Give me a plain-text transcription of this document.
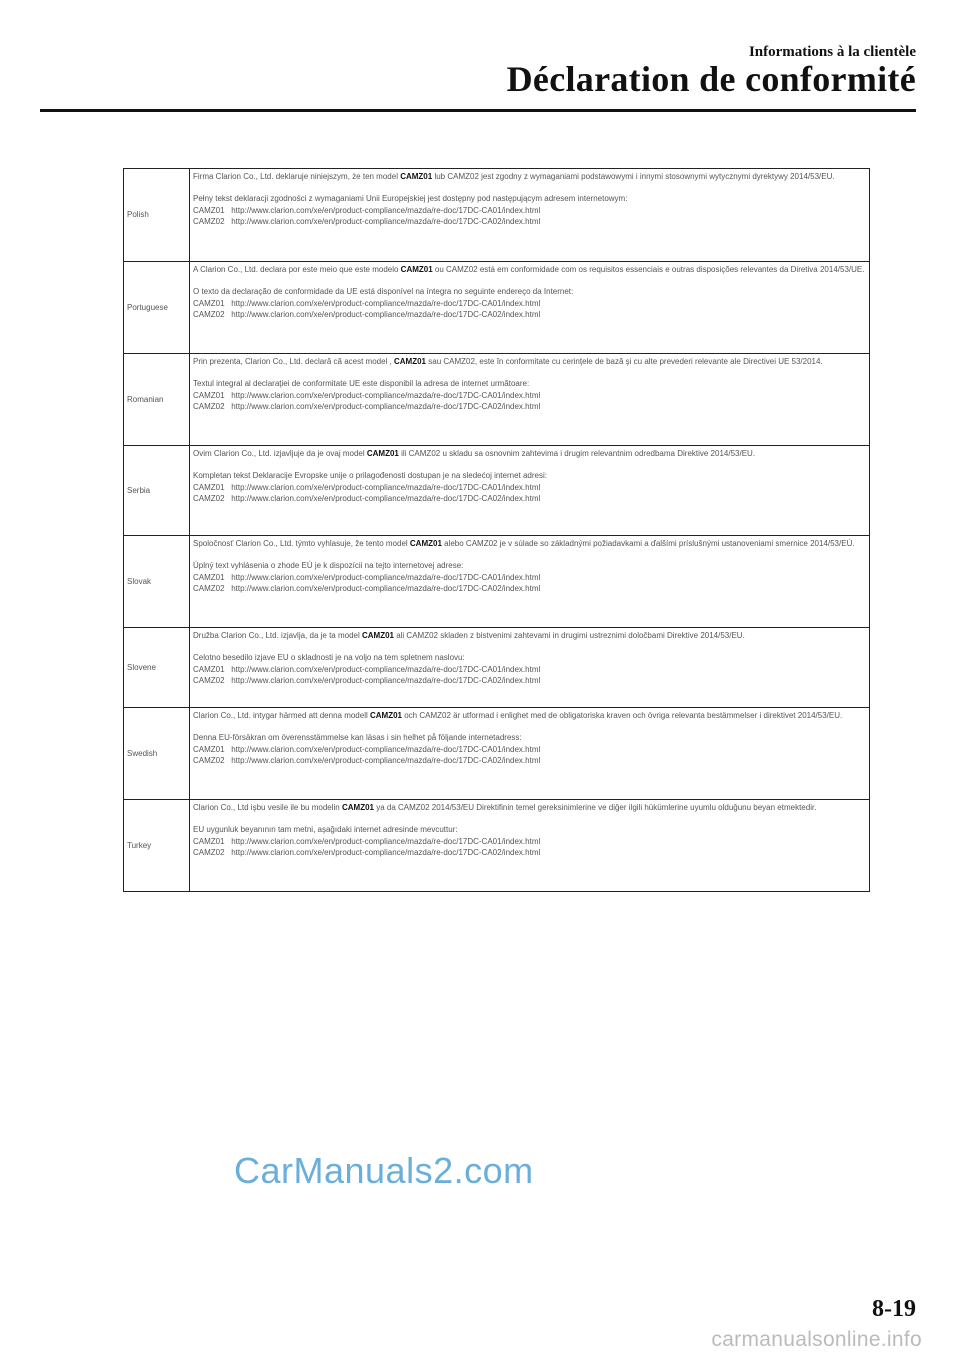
Informations à la clientèle
Déclaration de conformité
Polish	Firma Clarion Co., Ltd. deklaruje niniejszym, że ten model CAMZ01 lub CAMZ02 jest zgodny z wymaganiami podstawowymi i innymi stosownymi wytycznymi dyrektywy 2014/53/EU.

Pełny tekst deklaracji zgodności z wymaganiami Unii Europejskiej jest dostępny pod następującym adresem internetowym:

CAMZ01   http://www.clarion.com/xe/en/product-compliance/mazda/re-doc/17DC-CA01/index.html

CAMZ02   http://www.clarion.com/xe/en/product-compliance/mazda/re-doc/17DC-CA02/index.html

Portuguese	A Clarion Co., Ltd. declara por este meio que este modelo CAMZ01 ou CAMZ02 está em conformidade com os requisitos essenciais e outras disposições relevantes da Diretiva 2014/53/UE.

O texto da declaração de conformidade da UE está disponível na íntegra no seguinte endereço da Internet:

CAMZ01   http://www.clarion.com/xe/en/product-compliance/mazda/re-doc/17DC-CA01/index.html

CAMZ02   http://www.clarion.com/xe/en/product-compliance/mazda/re-doc/17DC-CA02/index.html

Romanian	Prin prezenta, Clarion Co., Ltd. declară că acest model , CAMZ01 sau CAMZ02, este în conformitate cu cerinţele de bază şi cu alte prevederi relevante ale Directivei UE 53/2014.

Textul integral al declaraţiei de conformitate UE este disponibil la adresa de internet următoare:

CAMZ01   http://www.clarion.com/xe/en/product-compliance/mazda/re-doc/17DC-CA01/index.html

CAMZ02   http://www.clarion.com/xe/en/product-compliance/mazda/re-doc/17DC-CA02/index.html

Serbia	Ovim Clarion Co., Ltd. izjavljuje da je ovaj model CAMZ01 ili CAMZ02 u skladu sa osnovnim zahtevima i drugim relevantnim odredbama Direktive 2014/53/EU.

Kompletan tekst Deklaracije Evropske unije o prilagođenosti dostupan je na sledećoj internet adresi:

CAMZ01   http://www.clarion.com/xe/en/product-compliance/mazda/re-doc/17DC-CA01/index.html

CAMZ02   http://www.clarion.com/xe/en/product-compliance/mazda/re-doc/17DC-CA02/index.html

Slovak	Spoločnosť Clarion Co., Ltd. týmto vyhlasuje, že tento model CAMZ01 alebo CAMZ02 je v súlade so základnými požiadavkami a ďalšími príslušnými ustanoveniami smernice 2014/53/EÚ.

Úplný text vyhlásenia o zhode EÚ je k dispozícii na tejto internetovej adrese:

CAMZ01   http://www.clarion.com/xe/en/product-compliance/mazda/re-doc/17DC-CA01/index.html

CAMZ02   http://www.clarion.com/xe/en/product-compliance/mazda/re-doc/17DC-CA02/index.html

Slovene	Družba Clarion Co., Ltd. izjavlja, da je ta model CAMZ01 ali CAMZ02 skladen z bistvenimi zahtevami in drugimi ustreznimi določbami Direktive 2014/53/EU.

Celotno besedilo izjave EU o skladnosti je na voljo na tem spletnem naslovu:

CAMZ01   http://www.clarion.com/xe/en/product-compliance/mazda/re-doc/17DC-CA01/index.html

CAMZ02   http://www.clarion.com/xe/en/product-compliance/mazda/re-doc/17DC-CA02/index.html

Swedish	Clarion Co., Ltd. intygar härmed att denna modell CAMZ01 och CAMZ02 är utformad i enlighet med de obligatoriska kraven och övriga relevanta bestämmelser i direktivet 2014/53/EU.

Denna EU-försäkran om överensstämmelse kan läsas i sin helhet på följande internetadress:

CAMZ01   http://www.clarion.com/xe/en/product-compliance/mazda/re-doc/17DC-CA01/index.html

CAMZ02   http://www.clarion.com/xe/en/product-compliance/mazda/re-doc/17DC-CA02/index.html

Turkey	Clarion Co., Ltd işbu vesile ile bu modelin CAMZ01 ya da CAMZ02 2014/53/EU Direktifinin temel gereksinimlerine ve diğer ilgili hükümlerine uyumlu olduğunu beyan etmektedir.

EU uygunluk beyanının tam metni, aşağıdaki internet adresinde mevcuttur:

CAMZ01   http://www.clarion.com/xe/en/product-compliance/mazda/re-doc/17DC-CA01/index.html

CAMZ02   http://www.clarion.com/xe/en/product-compliance/mazda/re-doc/17DC-CA02/index.html

CarManuals2.com
8-19
carmanualsonline.info
